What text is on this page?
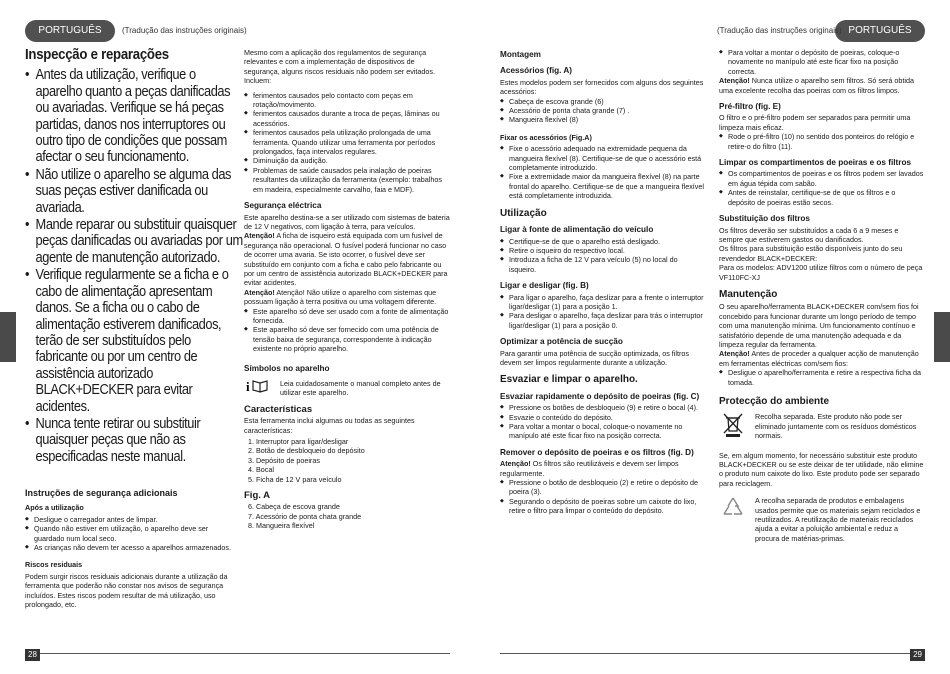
PORTUGUÊS	(Tradução das instruções originais)
Inspecção e reparações
• Antes da utilização, verifique o aparelho quanto a peças danificadas ou avariadas. Verifique se há peças partidas, danos nos interruptores ou outro tipo de condições que possam afectar o seu funcionamento.
• Não utilize o aparelho se alguma das suas peças estiver danificada ou avariada.
• Mande reparar ou substituir quaisquer peças danificadas ou avariadas por um agente de manutenção autorizado.
• Verifique regularmente se a ficha e o cabo de alimentação apresentam danos. Se a ficha ou o cabo de alimentação estiverem danificados, terão de ser substituídos pelo fabricante ou por um centro de assistência autorizado BLACK+DECKER para evitar acidentes.
• Nunca tente retirar ou substituir quaisquer peças que não as especificadas neste manual.
Instruções de segurança adicionais
Após a utilização
◆ Desligue o carregador antes de limpar.
◆ Quando não estiver em utilização, o aparelho deve ser guardado num local seco.
◆ As crianças não devem ter acesso a aparelhos armazenados.
Riscos residuais

Podem surgir riscos residuais adicionais durante a utilização da ferramenta que poderão não constar nos avisos de segurança incluídos. Estes riscos podem resultar de má utilização, uso prolongado, etc.

Mesmo com a aplicação dos regulamentos de segurança relevantes e com a implementação de dispositivos de segurança, alguns riscos residuais não podem ser evitados. Incluem:

◆ ferimentos causados pelo contacto com peças em rotação/movimento.
◆ ferimentos causados durante a troca de peças, lâminas ou acessórios.
◆ ferimentos causados pela utilização prolongada de uma ferramenta. Quando utilizar uma ferramenta por períodos prolongados, faça intervalos regulares.
◆ Diminuição da audição.
◆ Problemas de saúde causados pela inalação de poeiras resultantes da utilização da ferramenta (exemplo: trabalhos em madeira, especialmente carvalho, faia e MDF).
Segurança eléctrica

Este aparelho destina-se a ser utilizado com sistemas de bateria de 12 V negativos, com ligação à terra, para veículos.

Atenção! A ficha de isqueiro está equipada com um fusível de segurança não operacional. O fusível poderá funcionar no caso de ocorrer uma avaria. Se isto ocorrer, o fusível deve ser substituído em conjunto com a ficha e cabo pelo fabricante ou por um centro de assistência autorizado BLACK+DECKER para evitar acidentes.

Atenção! Atenção! Não utilize o aparelho com sistemas que possuam ligação à terra positiva ou uma voltagem diferente.

◆ Este aparelho só deve ser usado com a fonte de alimentação fornecida.
◆ Este aparelho só deve ser fornecido com uma potência de tensão baixa de segurança, correspondente à indicação existente no próprio aparelho.
Símbolos no aparelho
i	Leia cuidadosamente o manual completo antes de utilizar este aparelho.
Características

Esta ferramenta inclui algumas ou todas as seguintes características:

1. Interruptor para ligar/desligar
2. Botão de desbloqueio do depósito
3. Depósito de poeiras
4. Bocal
5. Ficha de 12 V para veículo
Fig. A
6. Cabeça de escova grande
7. Acessório de ponta chata grande
8. Mangueira flexível
28
PORTUGUÊS
(Tradução das instruções originais)
Montagem
Acessórios (fig. A)

Estes modelos podem ser fornecidos com alguns dos seguintes acessórios:

◆ Cabeça de escova grande (6)
◆ Acessório de ponta chata grande (7) .
◆ Mangueira flexível (8)
Fixar os acessórios (Fig.A)
◆ Fixe o acessório adequado na extremidade pequena da mangueira flexível (8). Certifique-se de que o acessório está completamente introduzido.
◆ Fixe a extremidade maior da mangueira flexível (8) na parte frontal do aparelho. Certifique-se de que a mangueira flexível está completamente introduzida.
Utilização
Ligar à fonte de alimentação do veículo
◆ Certifique-se de que o aparelho está desligado.
◆ Retire o isqueiro do respectivo local.
◆ Introduza a ficha de 12 V para veículo (5) no local do isqueiro.
Ligar e desligar (fig. B)
◆ Para ligar o aparelho, faça deslizar para a frente o interruptor ligar/desligar (1) para a posição 1.
◆ Para desligar o aparelho, faça deslizar para trás o interruptor ligar/desligar (1) para a posição 0.
Optimizar a potência de sucção

Para garantir uma potência de sucção optimizada, os filtros devem ser limpos regularmente durante a utilização.

Esvaziar e limpar o aparelho.
Esvaziar rapidamente o depósito de poeiras (fig. C)
◆ Pressione os botões de desbloqueio (9) e retire o bocal (4).
◆ Esvazie o conteúdo do depósito.
◆ Para voltar a montar o bocal, coloque-o novamente no manípulo até este ficar fixo na posição correcta.
Remover o depósito de poeiras e os filtros (fig. D)

Atenção! Os filtros são reutilizáveis e devem ser limpos regularmente.

◆ Pressione o botão de desbloqueio (2) e retire o depósito de poeira (3).
◆ Segurando o depósito de poeiras sobre um caixote do lixo, retire o filtro para limpar o conteúdo do depósito.
◆ Para voltar a montar o depósito de poeiras, coloque-o novamente no manípulo até este ficar fixo na posição correcta.

Atenção! Nunca utilize o aparelho sem filtros. Só será obtida uma excelente recolha das poeiras com os filtros limpos.

Pré-filtro (fig. E)

O filtro e o pré-filtro podem ser separados para permitir uma limpeza mais eficaz.

◆ Rode o pré-filtro (10) no sentido dos ponteiros do relógio e retire-o do filtro (11).
Limpar os compartimentos de poeiras e os filtros
◆ Os compartimentos de poeiras e os filtros podem ser lavados em água tépida com sabão.
◆ Antes de reinstalar, certifique-se de que os filtros e o depósito de poeiras estão secos.
Substituição dos filtros

Os filtros deverão ser substituídos a cada 6 a 9 meses e sempre que estiverem gastos ou danificados.

Os filtros para substituição estão disponíveis junto do seu revendedor BLACK+DECKER:

Para os modelos: ADV1200 utilize filtros com o número de peça VF110FC-XJ

Manutenção

O seu aparelho/ferramenta BLACK+DECKER com/sem fios foi concebido para funcionar durante um longo período de tempo com uma manutenção mínima. Um funcionamento contínuo e satisfatório depende de uma manutenção adequada e da limpeza regular da ferramenta.

Atenção! Antes de proceder a qualquer acção de manutenção em ferramentas eléctricas com/sem fios:

◆ Desligue o aparelho/ferramenta e retire a respectiva ficha da tomada.
Protecção do ambiente
Recolha separada. Este produto não pode ser eliminado juntamente com os resíduos domésticos normais.

Se, em algum momento, for necessário substituir este produto BLACK+DECKER ou se este deixar de ter utilidade, não elimine o produto num caixote do lixo. Este produto pode ser separado para reciclagem.

A recolha separada de produtos e embalagens usados permite que os materiais sejam reciclados e reutilizados. A reutilização de materiais reciclados ajuda a evitar a poluição ambiental e reduz a procura de matérias-primas.
29
